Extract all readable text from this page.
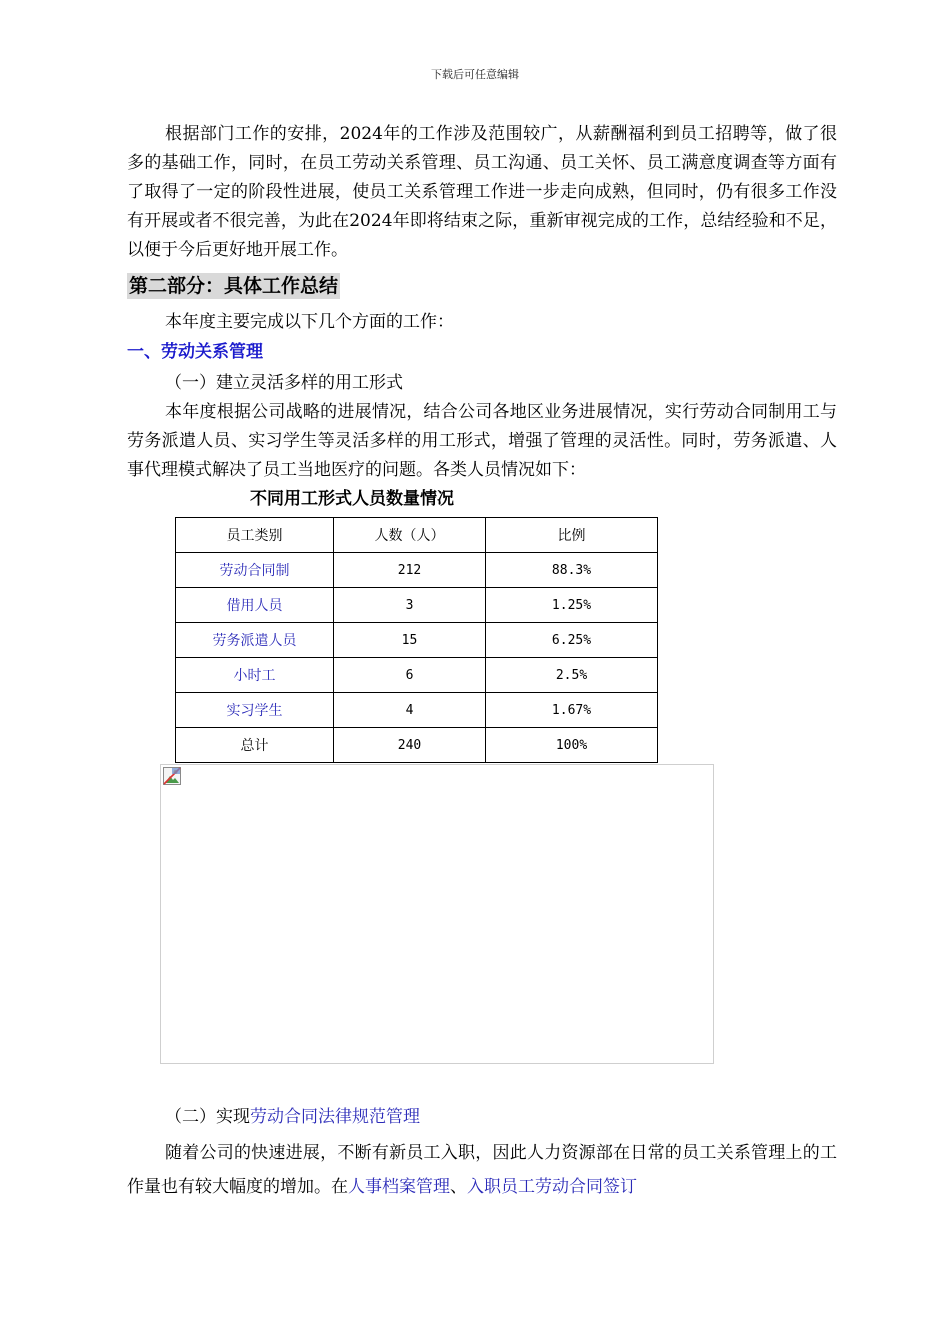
下载后可任意编辑
根据部门工作的安排，2024年的工作涉及范围较广，从薪酬福利到员工招聘等，做了很多的基础工作，同时，在员工劳动关系管理、员工沟通、员工关怀、员工满意度调查等方面有了取得了一定的阶段性进展，使员工关系管理工作进一步走向成熟，但同时，仍有很多工作没有开展或者不很完善，为此在2024年即将结束之际，重新审视完成的工作，总结经验和不足，以便于今后更好地开展工作。
第二部分：具体工作总结
本年度主要完成以下几个方面的工作：
一、劳动关系管理
（一）建立灵活多样的用工形式
本年度根据公司战略的进展情况，结合公司各地区业务进展情况，实行劳动合同制用工与劳务派遣人员、实习学生等灵活多样的用工形式，增强了管理的灵活性。同时，劳务派遣、人事代理模式解决了员工当地医疗的问题。各类人员情况如下：
不同用工形式人员数量情况
员工类别	人数（人）	比例
劳动合同制	212	88.3%
借用人员	3	1.25%
劳务派遣人员	15	6.25%
小时工	6	2.5%
实习学生	4	1.67%
总计	240	100%
（二）实现劳动合同法律规范管理
随着公司的快速进展，不断有新员工入职，因此人力资源部在日常的员工关系管理上的工作量也有较大幅度的增加。在人事档案管理、入职员工劳动合同签订
